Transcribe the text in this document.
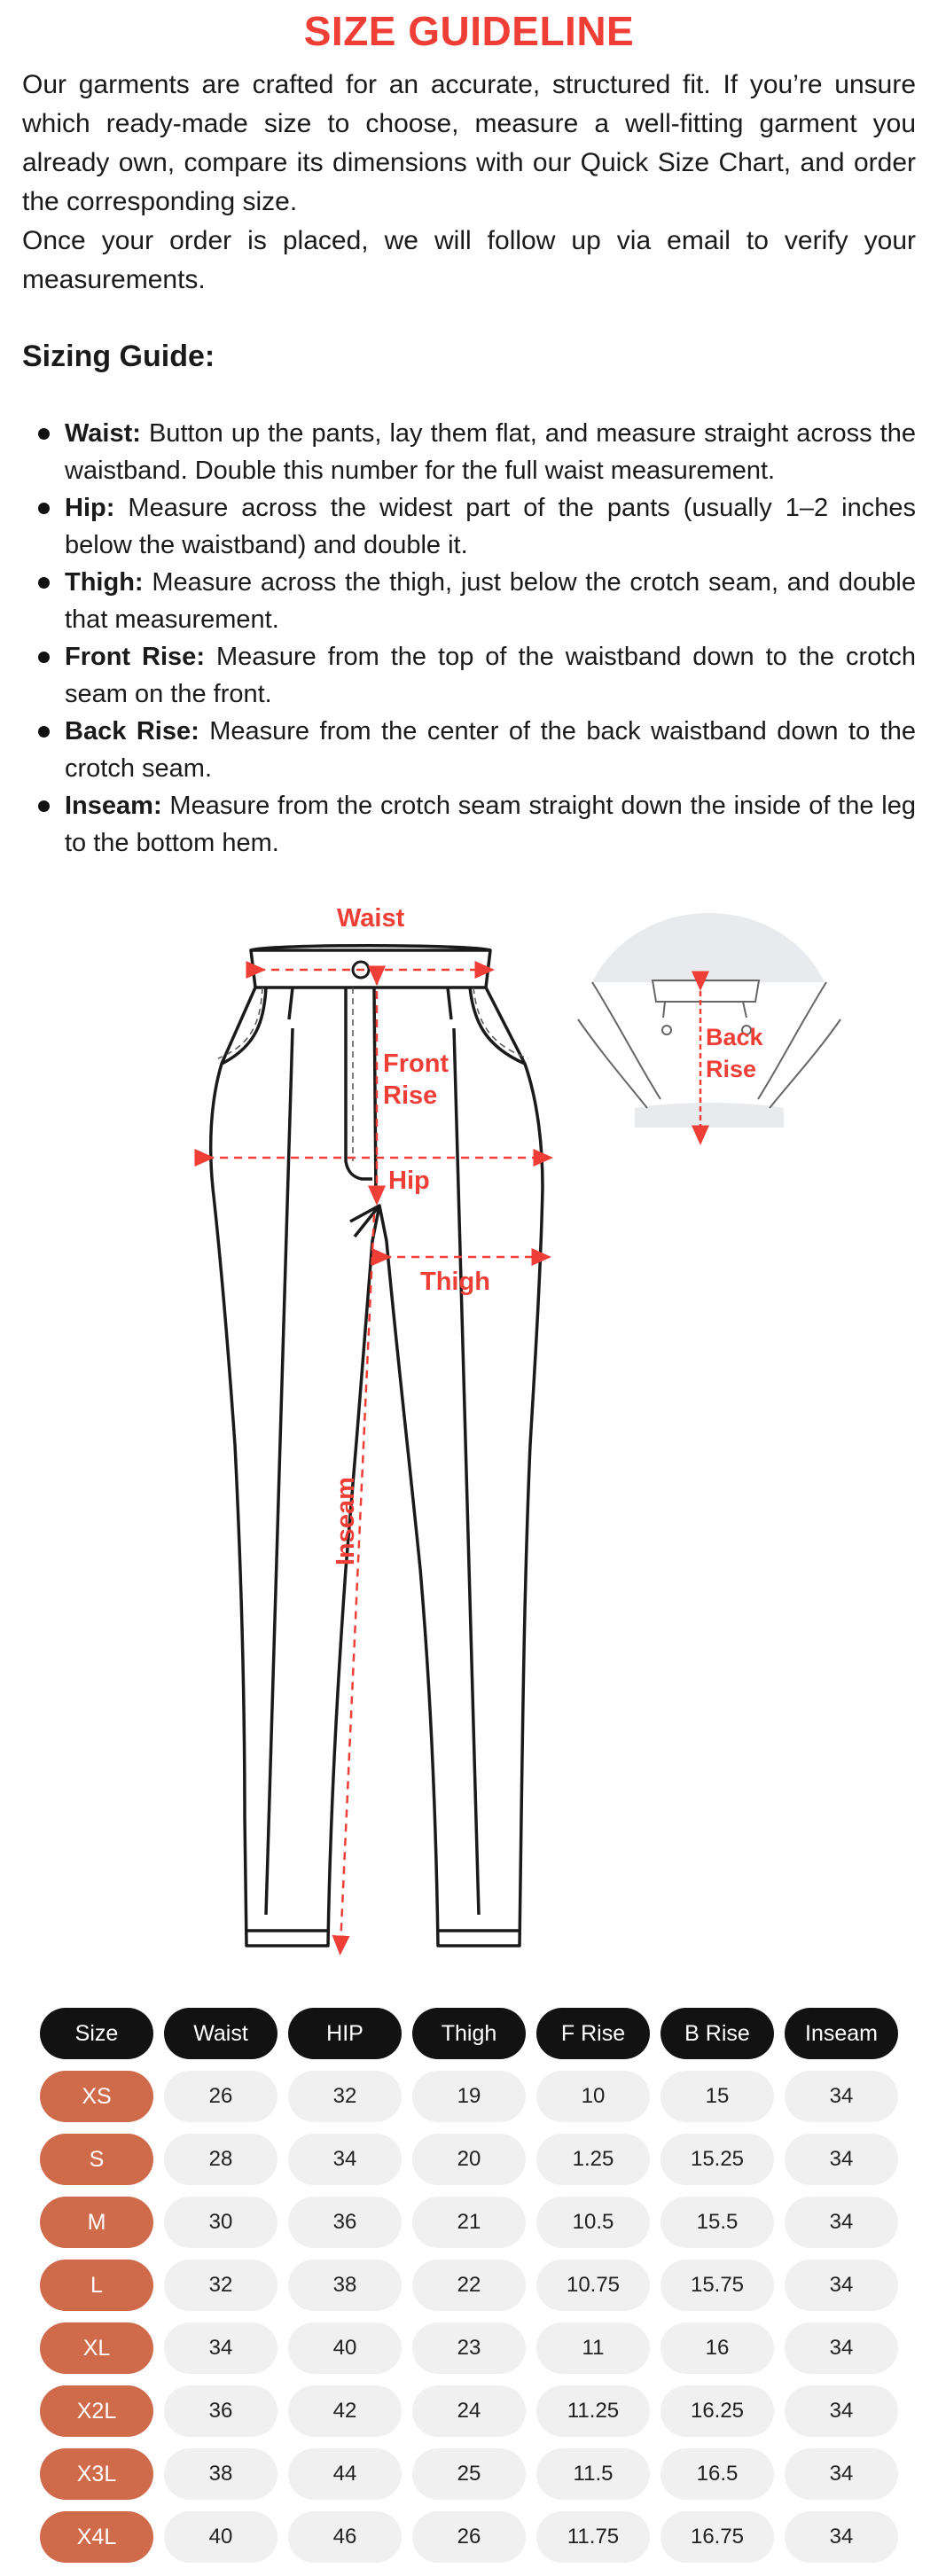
SIZE GUIDELINE

Our garments are crafted for an accurate, structured fit. If you’re unsure which ready-made size to choose, measure a well-fitting garment you already own, compare its dimensions with our Quick Size Chart, and order the corresponding size.

Once your order is placed, we will follow up via email to verify your measurements.

Sizing Guide:
Waist: Button up the pants, lay them flat, and measure straight across the waistband. Double this number for the full waist measurement.
Hip: Measure across the widest part of the pants (usually 1–2 inches below the waistband) and double it.
Thigh: Measure across the thigh, just below the crotch seam, and double that measurement.
Front Rise: Measure from the top of the waistband down to the crotch seam on the front.
Back Rise: Measure from the center of the back waistband down to the crotch seam.
Inseam: Measure from the crotch seam straight down the inside of the leg to the bottom hem.
Waist
Front
Rise
Hip
Thigh
Inseam
Back
Rise
Size	Waist	HIP	Thigh	F Rise	B Rise	Inseam
XS	26	32	19	10	15	34
S	28	34	20	1.25	15.25	34
M	30	36	21	10.5	15.5	34
L	32	38	22	10.75	15.75	34
XL	34	40	23	11	16	34
X2L	36	42	24	11.25	16.25	34
X3L	38	44	25	11.5	16.5	34
X4L	40	46	26	11.75	16.75	34
